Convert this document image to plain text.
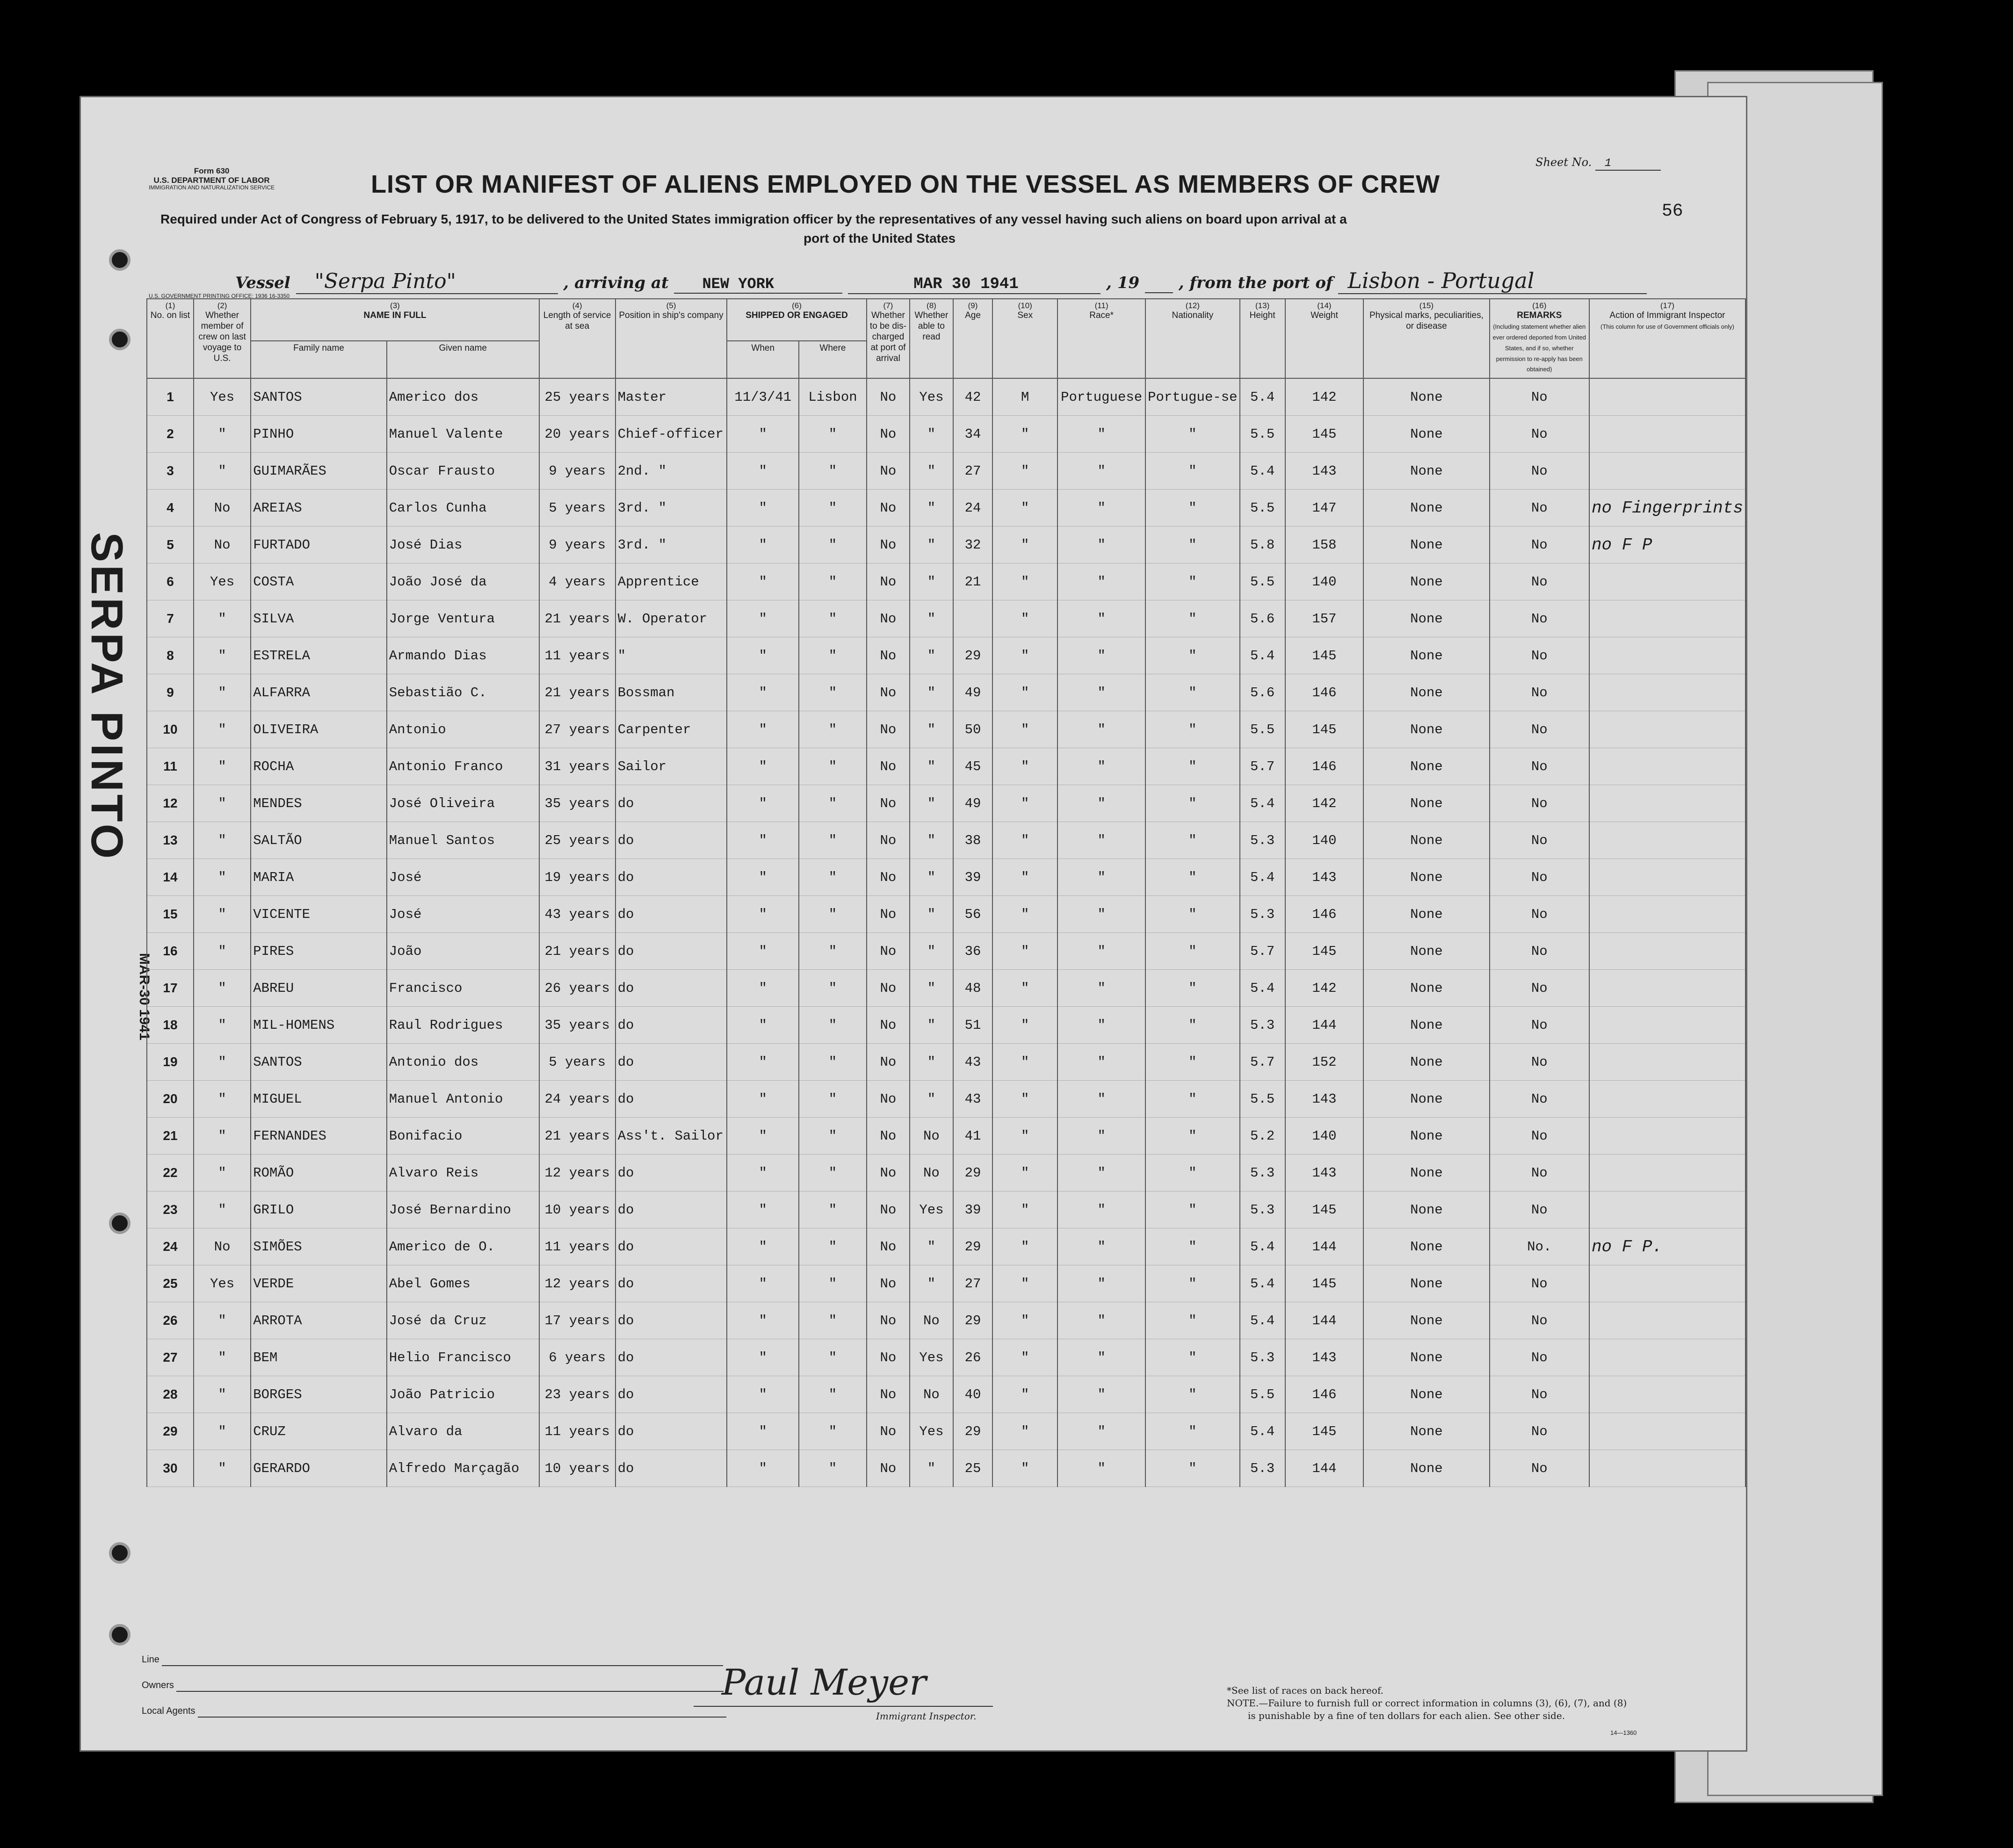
Form 630
U.S. DEPARTMENT OF LABOR
IMMIGRATION AND NATURALIZATION SERVICE	LIST OR MANIFEST OF ALIENS EMPLOYED ON THE VESSEL AS MEMBERS OF CREW
Sheet No. 1
56
Required under Act of Congress of February 5, 1917, to be delivered to the United States immigration officer by the representatives of any vessel having such aliens on board upon arrival at a
port of the United States
Vessel "Serpa Pinto"	, arriving at NEW YORK	MAR 30 1941	, 19 , from the port of Lisbon - Portugal
U.S. GOVERNMENT PRINTING OFFICE: 1936 16-3350
SERPA PINTO
MAR-30 1941
(1)
No. on list	(2)
Whether member of crew on last voyage to U.S.	(3)
NAME IN FULL		(4)
Length of service at sea	(5)
Position in ship's company	(6)
SHIPPED OR ENGAGED		(7)
Whether to be dis-charged at port of arrival	(8)
Whether able to read	(9)
Age	(10)
Sex	(11)
Race*	(12)
Nationality	(13)
Height	(14)
Weight	(15)
Physical marks, peculiarities, or disease	(16)
REMARKS
(Including statement whether alien ever ordered deported from United States, and if so, whether permission to re-apply has been obtained)	(17)
Action of Immigrant Inspector
(This column for use of Government officials only)
		Family name	Given name			When	Where											
1	Yes	SANTOS	Americo dos	25 years	Master	11/3/41	Lisbon	No	Yes	42	M	Portuguese	Portugue-se	5.4	142	None	No	
2	"	PINHO	Manuel Valente	20 years	Chief-officer	"	"	No	"	34	"	"	"	5.5	145	None	No	
3	"	GUIMARÃES	Oscar Frausto	9 years	2nd. "	"	"	No	"	27	"	"	"	5.4	143	None	No	
4	No	AREIAS	Carlos Cunha	5 years	3rd. "	"	"	No	"	24	"	"	"	5.5	147	None	No	no Fingerprints
5	No	FURTADO	José Dias	9 years	3rd. "	"	"	No	"	32	"	"	"	5.8	158	None	No	no F P
6	Yes	COSTA	João José da	4 years	Apprentice	"	"	No	"	21	"	"	"	5.5	140	None	No	
7	"	SILVA	Jorge Ventura	21 years	W. Operator	"	"	No	"		"	"	"	5.6	157	None	No	
8	"	ESTRELA	Armando Dias	11 years	"	"	"	No	"	29	"	"	"	5.4	145	None	No	
9	"	ALFARRA	Sebastião C.	21 years	Bossman	"	"	No	"	49	"	"	"	5.6	146	None	No	
10	"	OLIVEIRA	Antonio	27 years	Carpenter	"	"	No	"	50	"	"	"	5.5	145	None	No	
11	"	ROCHA	Antonio Franco	31 years	Sailor	"	"	No	"	45	"	"	"	5.7	146	None	No	
12	"	MENDES	José Oliveira	35 years	do	"	"	No	"	49	"	"	"	5.4	142	None	No	
13	"	SALTÃO	Manuel Santos	25 years	do	"	"	No	"	38	"	"	"	5.3	140	None	No	
14	"	MARIA	José	19 years	do	"	"	No	"	39	"	"	"	5.4	143	None	No	
15	"	VICENTE	José	43 years	do	"	"	No	"	56	"	"	"	5.3	146	None	No	
16	"	PIRES	João	21 years	do	"	"	No	"	36	"	"	"	5.7	145	None	No	
17	"	ABREU	Francisco	26 years	do	"	"	No	"	48	"	"	"	5.4	142	None	No	
18	"	MIL-HOMENS	Raul Rodrigues	35 years	do	"	"	No	"	51	"	"	"	5.3	144	None	No	
19	"	SANTOS	Antonio dos	5 years	do	"	"	No	"	43	"	"	"	5.7	152	None	No	
20	"	MIGUEL	Manuel Antonio	24 years	do	"	"	No	"	43	"	"	"	5.5	143	None	No	
21	"	FERNANDES	Bonifacio	21 years	Ass't. Sailor	"	"	No	No	41	"	"	"	5.2	140	None	No	
22	"	ROMÃO	Alvaro Reis	12 years	do	"	"	No	No	29	"	"	"	5.3	143	None	No	
23	"	GRILO	José Bernardino	10 years	do	"	"	No	Yes	39	"	"	"	5.3	145	None	No	
24	No	SIMÕES	Americo de O.	11 years	do	"	"	No	"	29	"	"	"	5.4	144	None	No.	no F P.
25	Yes	VERDE	Abel Gomes	12 years	do	"	"	No	"	27	"	"	"	5.4	145	None	No	
26	"	ARROTA	José da Cruz	17 years	do	"	"	No	No	29	"	"	"	5.4	144	None	No	
27	"	BEM	Helio Francisco	6 years	do	"	"	No	Yes	26	"	"	"	5.3	143	None	No	
28	"	BORGES	João Patricio	23 years	do	"	"	No	No	40	"	"	"	5.5	146	None	No	
29	"	CRUZ	Alvaro da	11 years	do	"	"	No	Yes	29	"	"	"	5.4	145	None	No	
30	"	GERARDO	Alfredo Marçagão	10 years	do	"	"	No	"	25	"	"	"	5.3	144	None	No	
Line
Owners
Local Agents
Paul Meyer
Immigrant Inspector.
*See list of races on back hereof.
NOTE.—Failure to furnish full or correct information in columns (3), (6), (7), and (8)
is punishable by a fine of ten dollars for each alien. See other side.
14—1360
